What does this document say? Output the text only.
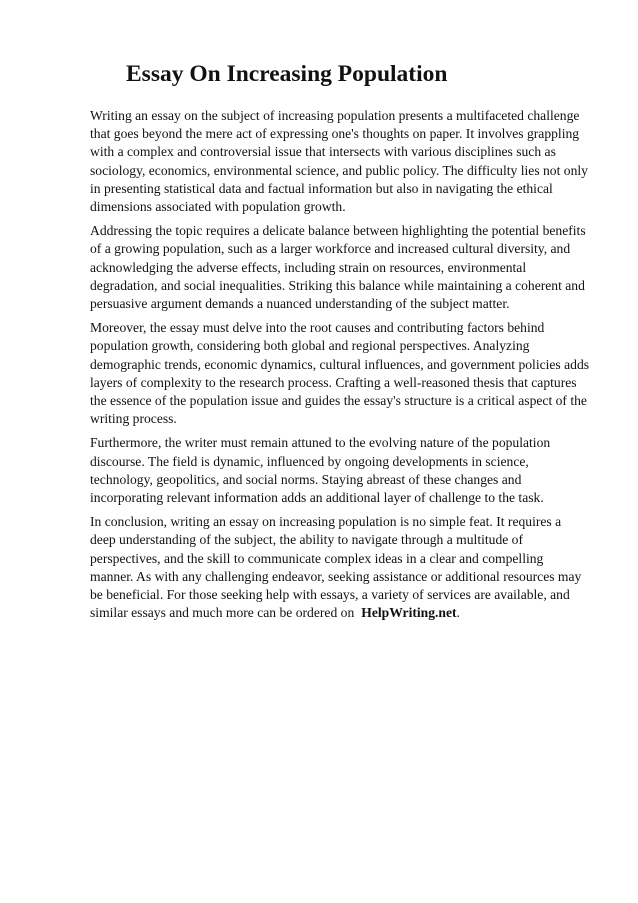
Essay On Increasing Population

Writing an essay on the subject of increasing population presents a multifaceted challenge that goes beyond the mere act of expressing one's thoughts on paper. It involves grappling with a complex and controversial issue that intersects with various disciplines such as sociology, economics, environmental science, and public policy. The difficulty lies not only in presenting statistical data and factual information but also in navigating the ethical dimensions associated with population growth.

Addressing the topic requires a delicate balance between highlighting the potential benefits of a growing population, such as a larger workforce and increased cultural diversity, and acknowledging the adverse effects, including strain on resources, environmental degradation, and social inequalities. Striking this balance while maintaining a coherent and persuasive argument demands a nuanced understanding of the subject matter.

Moreover, the essay must delve into the root causes and contributing factors behind population growth, considering both global and regional perspectives. Analyzing demographic trends, economic dynamics, cultural influences, and government policies adds layers of complexity to the research process. Crafting a well-reasoned thesis that captures the essence of the population issue and guides the essay's structure is a critical aspect of the writing process.

Furthermore, the writer must remain attuned to the evolving nature of the population discourse. The field is dynamic, influenced by ongoing developments in science, technology, geopolitics, and social norms. Staying abreast of these changes and incorporating relevant information adds an additional layer of challenge to the task.

In conclusion, writing an essay on increasing population is no simple feat. It requires a deep understanding of the subject, the ability to navigate through a multitude of perspectives, and the skill to communicate complex ideas in a clear and compelling manner. As with any challenging endeavor, seeking assistance or additional resources may be beneficial. For those seeking help with essays, a variety of services are available, and similar essays and much more can be ordered on HelpWriting.net.
